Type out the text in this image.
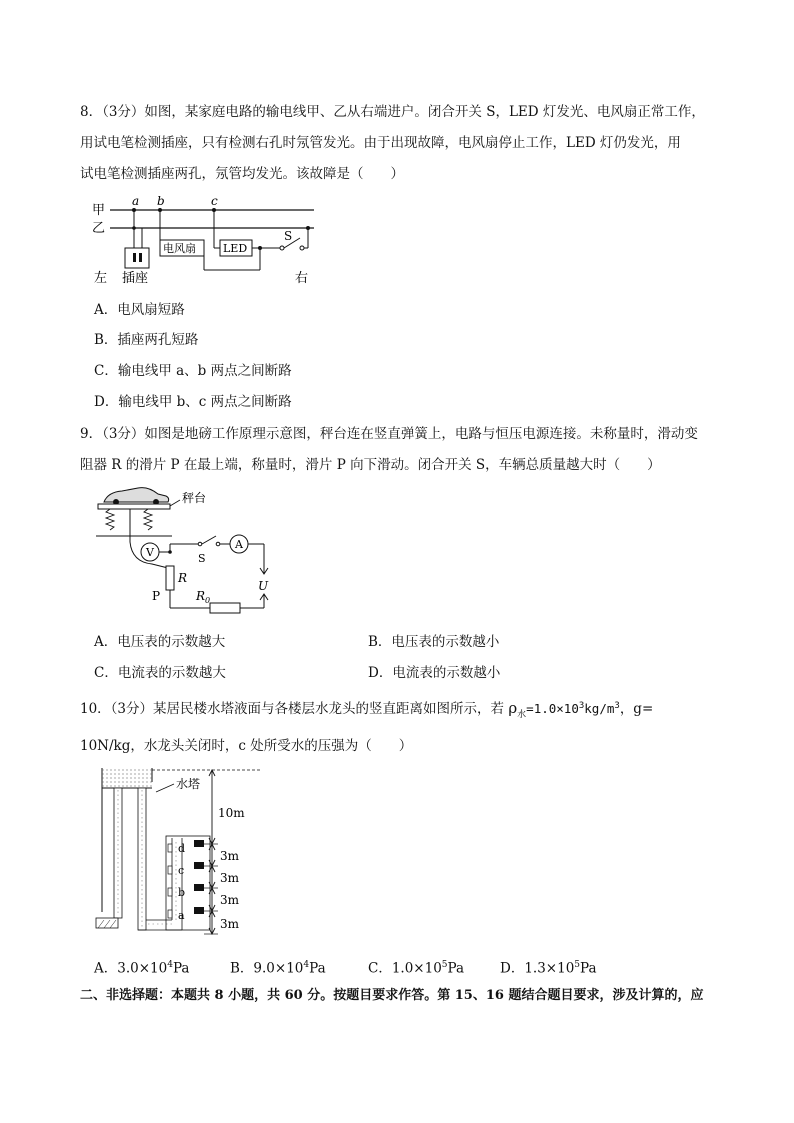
8．（3分）如图，某家庭电路的输电线甲、乙从右端进户。闭合开关 S，LED 灯发光、电风扇正常工作，
用试电笔检测插座，只有检测右孔时氖管发光。由于出现故障，电风扇停止工作，LED 灯仍发光，用
试电笔检测插座两孔，氖管均发光。该故障是（　　）
甲
乙
a b	c
电风扇 LED
S
左 插座	右
A．电风扇短路
B．插座两孔短路
C．输电线甲 a、b 两点之间断路
D．输电线甲 b、c 两点之间断路
9．（3分）如图是地磅工作原理示意图，秤台连在竖直弹簧上，电路与恒压电源连接。未称量时，滑动变
阻器 R 的滑片 P 在最上端，称量时，滑片 P 向下滑动。闭合开关 S，车辆总质量越大时（　　）
秤台
V	S
A
U
R
P	R 0
A．电压表的示数越大	B．电压表的示数越小
C．电流表的示数越大	D．电流表的示数越小
10．（3分）某居民楼水塔液面与各楼层水龙头的竖直距离如图所示，若 $\rho_水=1.0\times 10^3kg/m^3$，g=
10N/kg，水龙头关闭时，c 处所受水的压强为（　　）
水塔
d
c
b
a
10m
3m
3m
3m
3m
A．$3.0\times 10^4Pa$	B．$9.0\times 10^4Pa$	C．$1.0\times 10^5Pa$	D．$1.3\times 10^5Pa$
二、非选择题：本题共 8 小题，共 60 分。按题目要求作答。第 15、16 题结合题目要求，涉及计算的，应
